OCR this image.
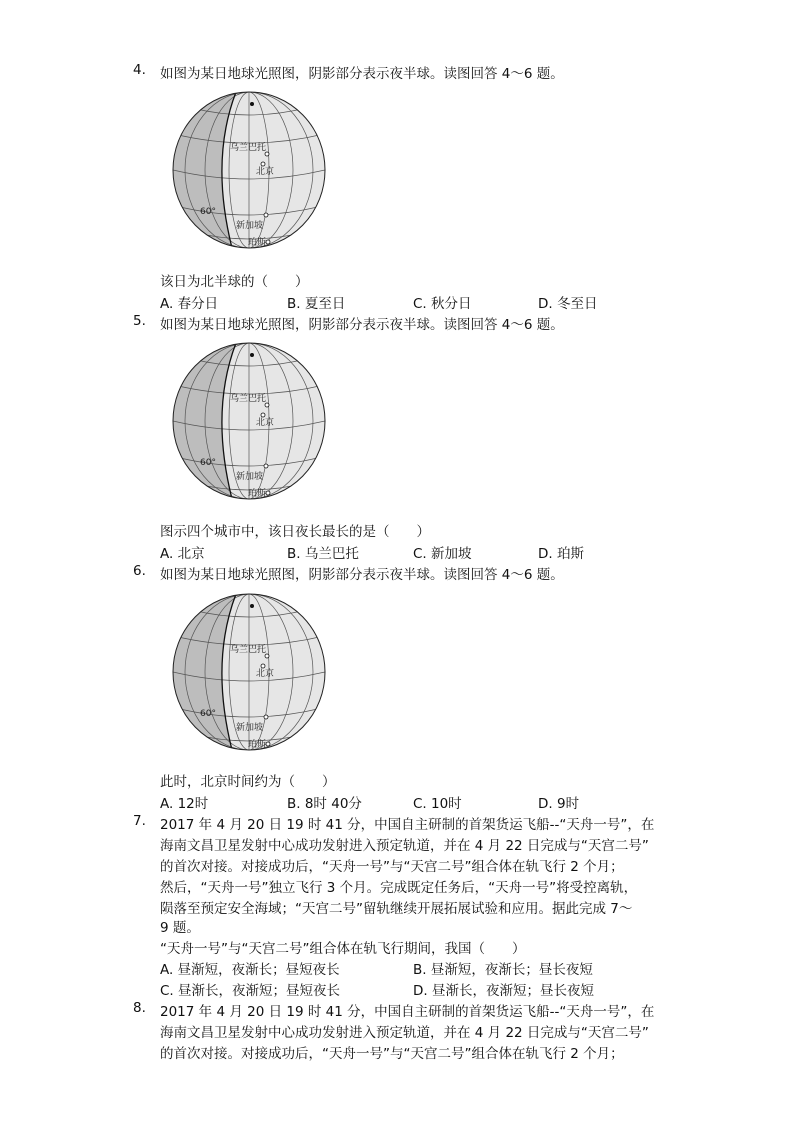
4. 如图为某日地球光照图，阴影部分表示夜半球。读图回答 4～6 题。
乌兰巴托
北京
60°
新加坡
珀斯
该日为北半球的（　　）
A. 春分日	B. 夏至日	C. 秋分日	D. 冬至日
5. 如图为某日地球光照图，阴影部分表示夜半球。读图回答 4～6 题。
乌兰巴托
北京
60°
新加坡
珀斯
图示四个城市中，该日夜长最长的是（　　）
A. 北京	B. 乌兰巴托	C. 新加坡	D. 珀斯
6. 如图为某日地球光照图，阴影部分表示夜半球。读图回答 4～6 题。
乌兰巴托
北京
60°
新加坡
珀斯
此时，北京时间约为（　　）
A. 12时	B. 8时 40分	C. 10时	D. 9时
7. 2017 年 4 月 20 日 19 时 41 分，中国自主研制的首架货运飞船--“天舟一号”，在
海南文昌卫星发射中心成功发射进入预定轨道，并在 4 月 22 日完成与“天宫二号”
的首次对接。对接成功后，“天舟一号”与“天宫二号”组合体在轨飞行 2 个月；
然后，“天舟一号”独立飞行 3 个月。完成既定任务后，“天舟一号”将受控离轨，
陨落至预定安全海域；“天宫二号”留轨继续开展拓展试验和应用。据此完成 7～
9 题。
“天舟一号”与“天宫二号”组合体在轨飞行期间，我国（　　）
A. 昼渐短，夜渐长；昼短夜长	B. 昼渐短，夜渐长；昼长夜短
C. 昼渐长，夜渐短；昼短夜长	D. 昼渐长，夜渐短；昼长夜短
8. 2017 年 4 月 20 日 19 时 41 分，中国自主研制的首架货运飞船--“天舟一号”，在
海南文昌卫星发射中心成功发射进入预定轨道，并在 4 月 22 日完成与“天宫二号”
的首次对接。对接成功后，“天舟一号”与“天宫二号”组合体在轨飞行 2 个月；
